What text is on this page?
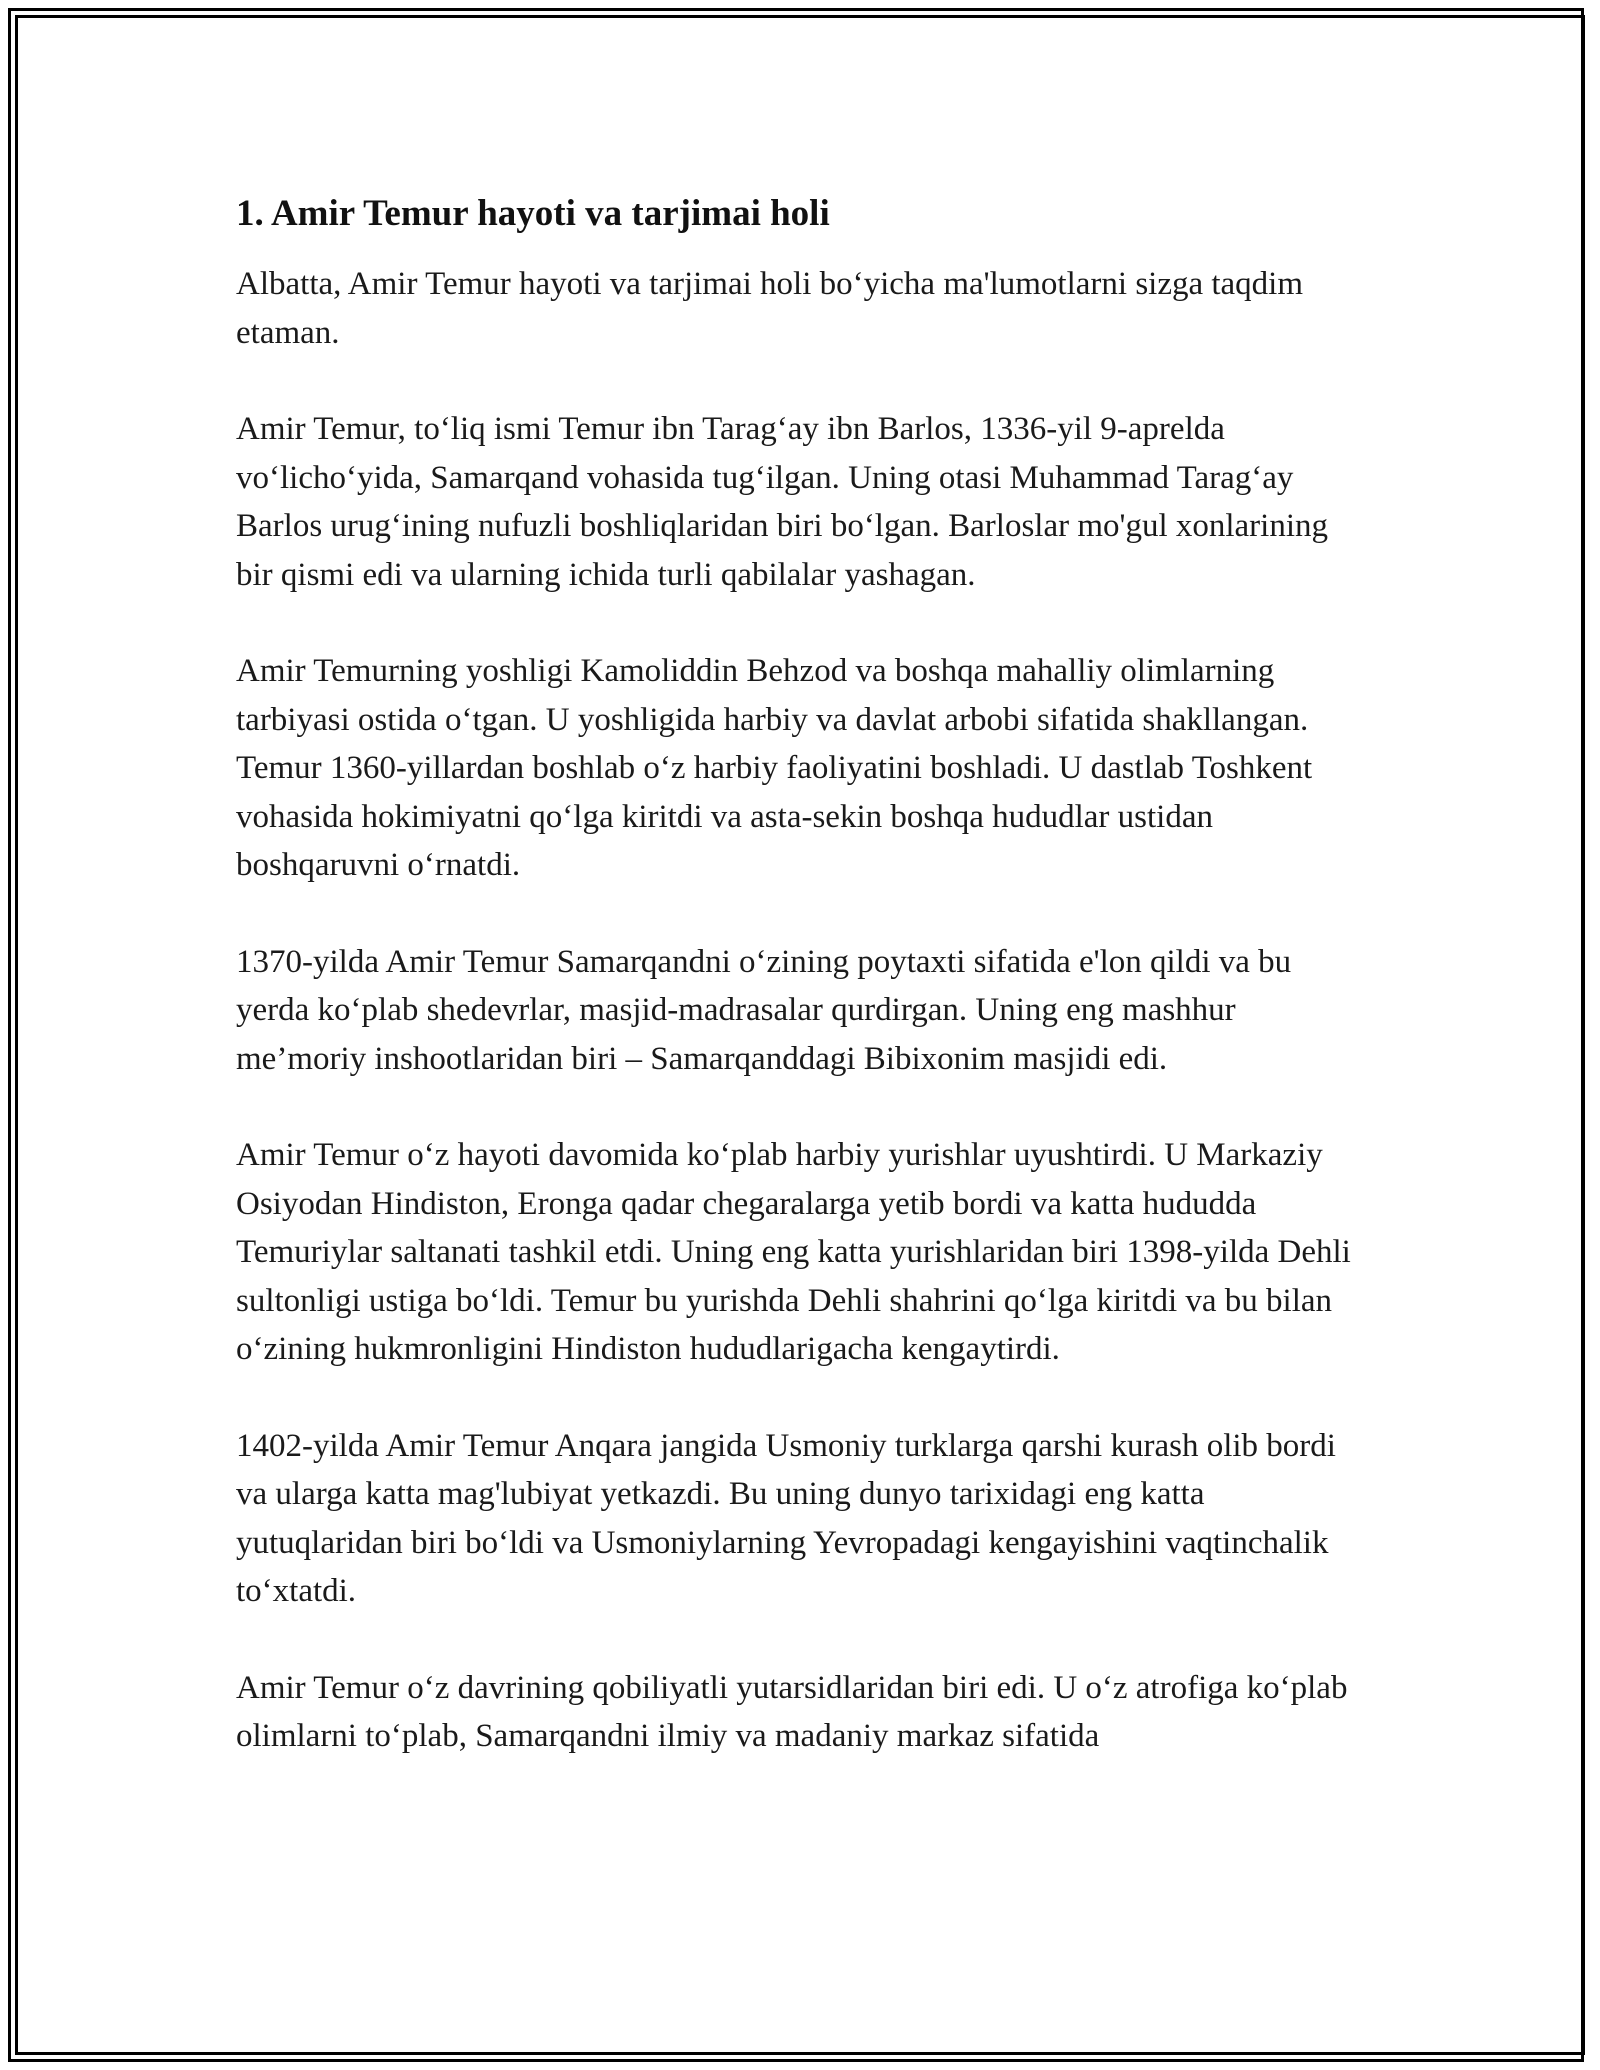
1. Amir Temur hayoti va tarjimai holi

Albatta, Amir Temur hayoti va tarjimai holi bo‘yicha ma'lumotlarni sizga taqdim etaman.

Amir Temur, to‘liq ismi Temur ibn Tarag‘ay ibn Barlos, 1336-yil 9-aprelda vo‘licho‘yida, Samarqand vohasida tug‘ilgan. Uning otasi Muhammad Tarag‘ay Barlos urug‘ining nufuzli boshliqlaridan biri bo‘lgan. Barloslar mo'gul xonlarining bir qismi edi va ularning ichida turli qabilalar yashagan.

Amir Temurning yoshligi Kamoliddin Behzod va boshqa mahalliy olimlarning tarbiyasi ostida o‘tgan. U yoshligida harbiy va davlat arbobi sifatida shakllangan. Temur 1360-yillardan boshlab o‘z harbiy faoliyatini boshladi. U dastlab Toshkent vohasida hokimiyatni qo‘lga kiritdi va asta-sekin boshqa hududlar ustidan boshqaruvni o‘rnatdi.

1370-yilda Amir Temur Samarqandni o‘zining poytaxti sifatida e'lon qildi va bu yerda ko‘plab shedevrlar, masjid-madrasalar qurdirgan. Uning eng mashhur me’moriy inshootlaridan biri – Samarqanddagi Bibixonim masjidi edi.

Amir Temur o‘z hayoti davomida ko‘plab harbiy yurishlar uyushtirdi. U Markaziy Osiyodan Hindiston, Eronga qadar chegaralarga yetib bordi va katta hududda Temuriylar saltanati tashkil etdi. Uning eng katta yurishlaridan biri 1398-yilda Dehli sultonligi ustiga bo‘ldi. Temur bu yurishda Dehli shahrini qo‘lga kiritdi va bu bilan o‘zining hukmronligini Hindiston hududlarigacha kengaytirdi.

1402-yilda Amir Temur Anqara jangida Usmoniy turklarga qarshi kurash olib bordi va ularga katta mag'lubiyat yetkazdi. Bu uning dunyo tarixidagi eng katta yutuqlaridan biri bo‘ldi va Usmoniylarning Yevropadagi kengayishini vaqtinchalik to‘xtatdi.

Amir Temur o‘z davrining qobiliyatli yutarsidlaridan biri edi. U o‘z atrofiga ko‘plab olimlarni to‘plab, Samarqandni ilmiy va madaniy markaz sifatida
